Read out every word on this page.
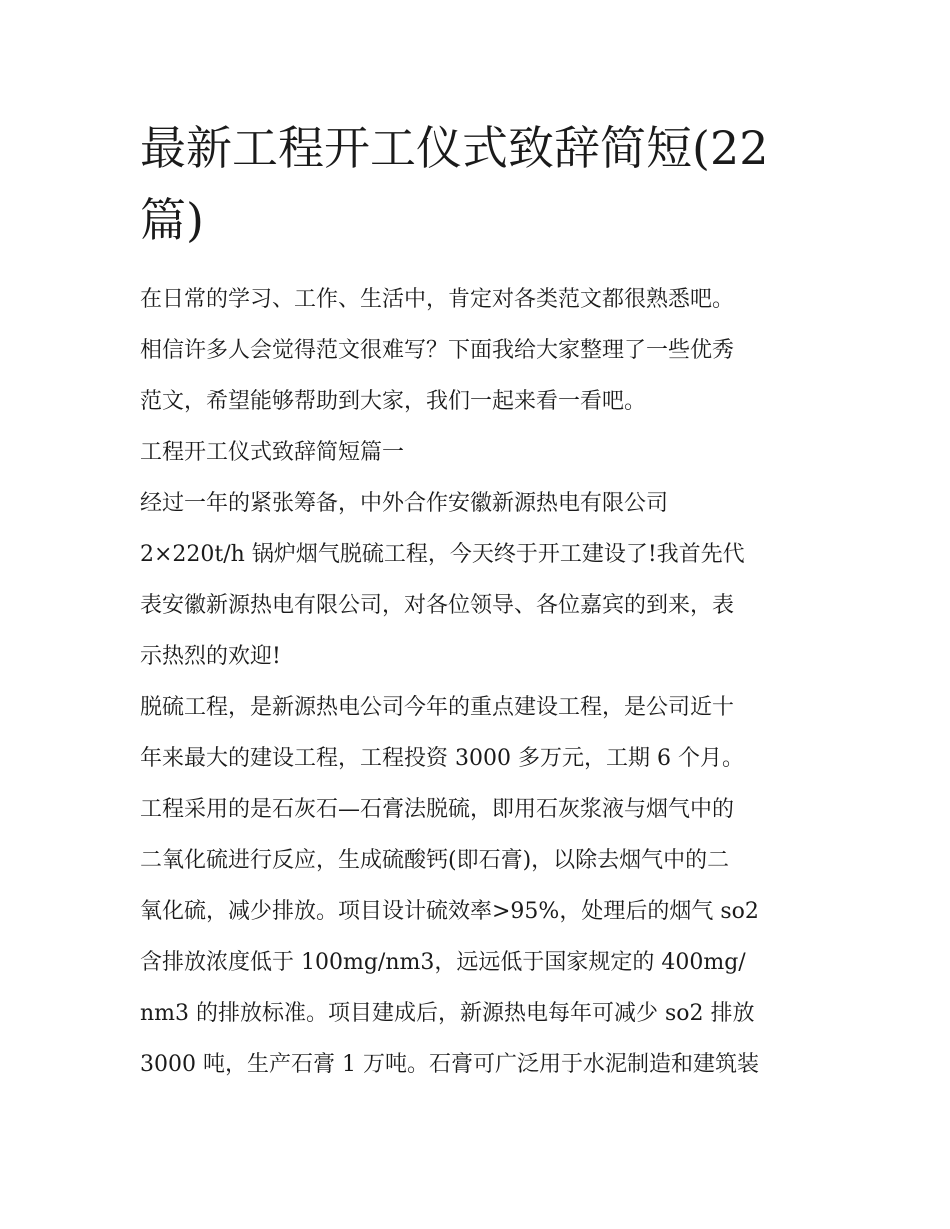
最新工程开工仪式致辞简短(22
篇)

在日常的学习、工作、生活中，肯定对各类范文都很熟悉吧。

相信许多人会觉得范文很难写？下面我给大家整理了一些优秀

范文，希望能够帮助到大家，我们一起来看一看吧。

工程开工仪式致辞简短篇一

经过一年的紧张筹备，中外合作安徽新源热电有限公司

2×220t/h 锅炉烟气脱硫工程，今天终于开工建设了!我首先代

表安徽新源热电有限公司，对各位领导、各位嘉宾的到来，表

示热烈的欢迎!

脱硫工程，是新源热电公司今年的重点建设工程，是公司近十

年来最大的建设工程，工程投资 3000 多万元，工期 6 个月。

工程采用的是石灰石—石膏法脱硫，即用石灰浆液与烟气中的

二氧化硫进行反应，生成硫酸钙(即石膏)，以除去烟气中的二

氧化硫，减少排放。项目设计硫效率>95%，处理后的烟气 so2

含排放浓度低于 100mg/nm3，远远低于国家规定的 400mg/

nm3 的排放标准。项目建成后，新源热电每年可减少 so2 排放

3000 吨，生产石膏 1 万吨。石膏可广泛用于水泥制造和建筑装
